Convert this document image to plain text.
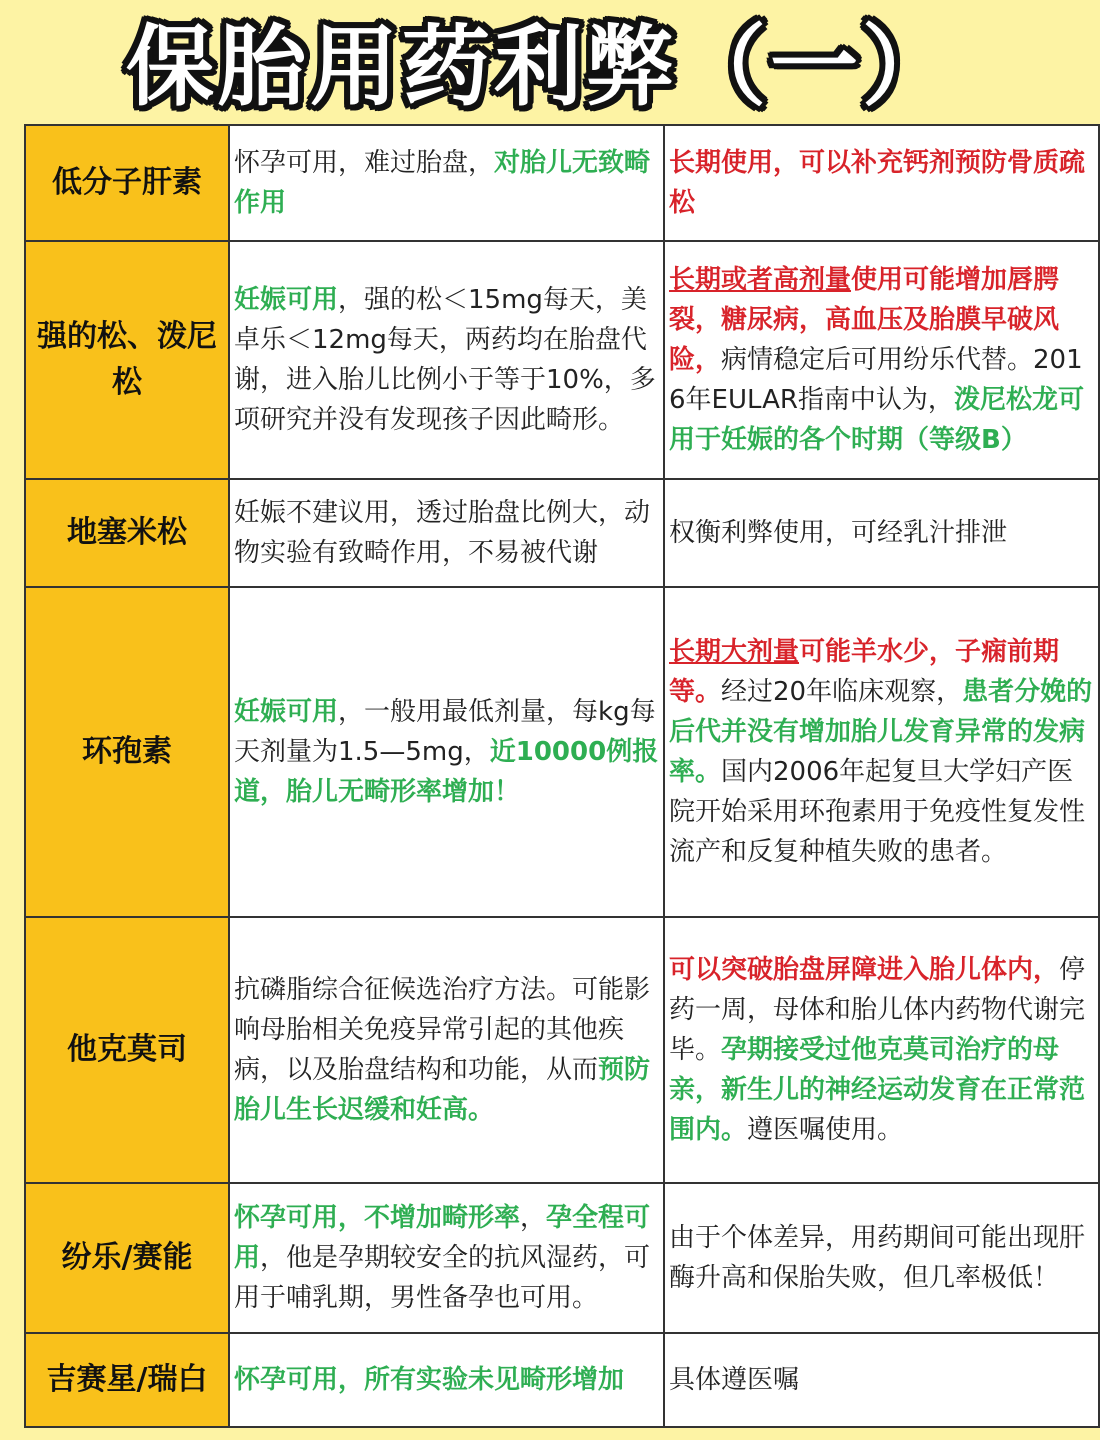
保胎用药利弊（一）
低分子肝素	怀孕可用，难过胎盘，对胎儿无致畸作用	长期使用，可以补充钙剂预防骨质疏松

强的松、泼尼松	妊娠可用，强的松＜15mg每天，美卓乐＜12mg每天，两药均在胎盘代谢，进入胎儿比例小于等于10%，多项研究并没有发现孩子因此畸形。	长期或者高剂量使用可能增加唇腭裂，糖尿病，高血压及胎膜早破风险，病情稳定后可用纷乐代替。2016年EULAR指南中认为，泼尼松龙可用于妊娠的各个时期（等级B）

地塞米松	妊娠不建议用，透过胎盘比例大，动物实验有致畸作用，不易被代谢	权衡利弊使用，可经乳汁排泄

环孢素	妊娠可用，一般用最低剂量，每kg每天剂量为1.5—5mg，近10000例报道，胎儿无畸形率增加！	长期大剂量可能羊水少，子痫前期等。经过20年临床观察，患者分娩的后代并没有增加胎儿发育异常的发病率。国内2006年起复旦大学妇产医院开始采用环孢素用于免疫性复发性流产和反复种植失败的患者。

他克莫司	抗磷脂综合征候选治疗方法。可能影响母胎相关免疫异常引起的其他疾病，以及胎盘结构和功能，从而预防胎儿生长迟缓和妊高。	可以突破胎盘屏障进入胎儿体内，停药一周，母体和胎儿体内药物代谢完毕。孕期接受过他克莫司治疗的母亲，新生儿的神经运动发育在正常范围内。遵医嘱使用。

纷乐/赛能	怀孕可用，不增加畸形率，孕全程可用，他是孕期较安全的抗风湿药，可用于哺乳期，男性备孕也可用。	由于个体差异，用药期间可能出现肝酶升高和保胎失败，但几率极低！

吉赛星/瑞白	怀孕可用，所有实验未见畸形增加	具体遵医嘱
